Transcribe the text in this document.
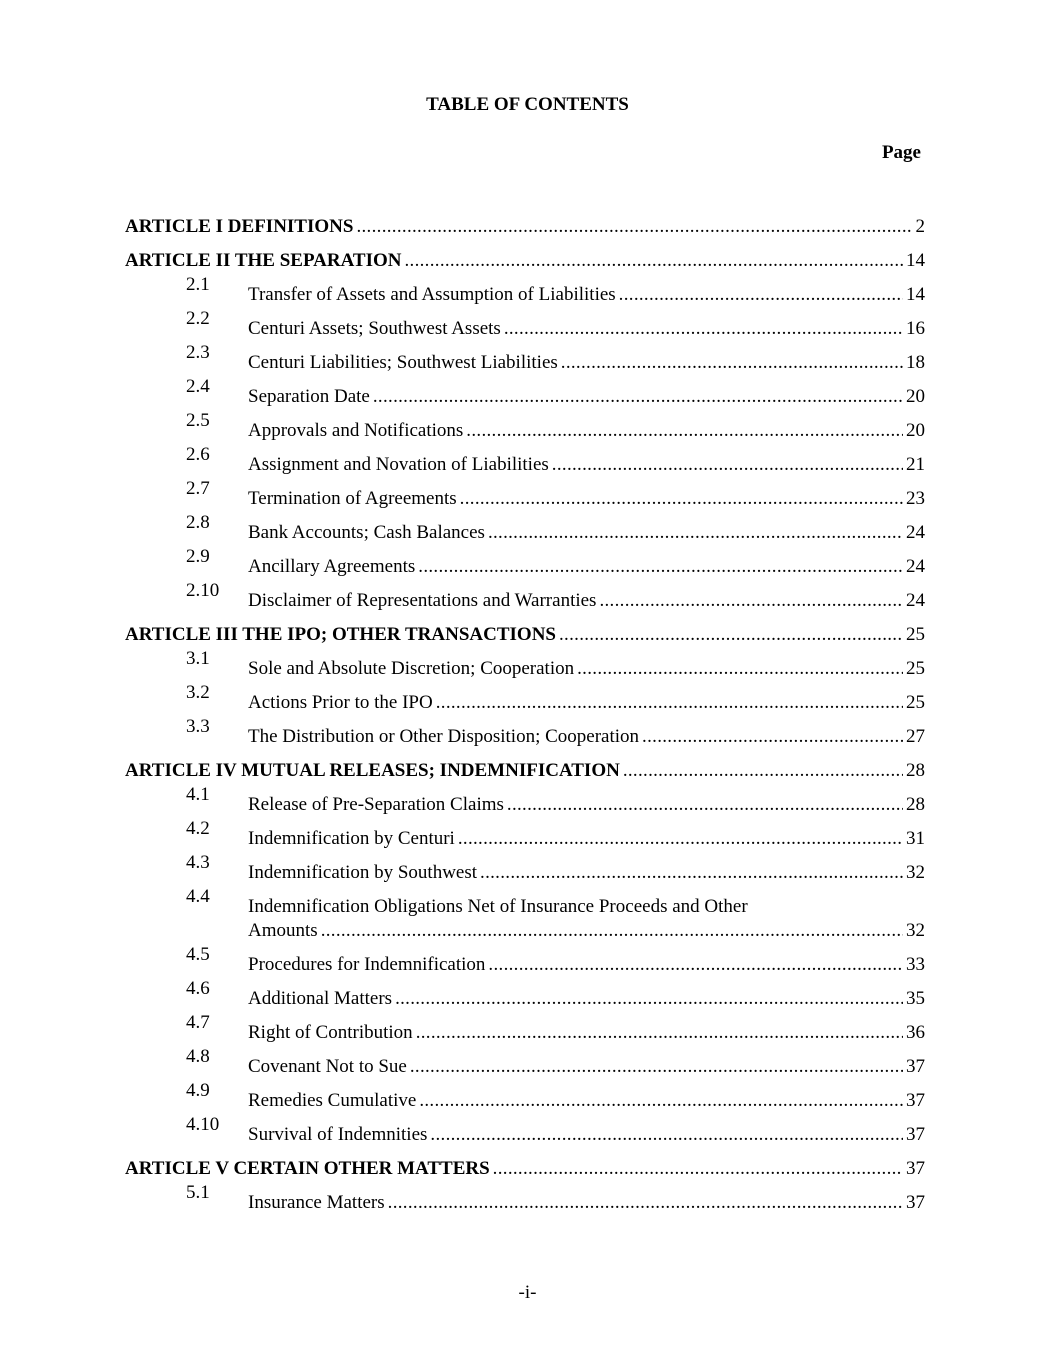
TABLE OF CONTENTS
Page
ARTICLE I DEFINITIONS .....	2
ARTICLE II THE SEPARATION .....	14
2.1	Transfer of Assets and Assumption of Liabilities .....	14
2.2	Centuri Assets; Southwest Assets .....	16
2.3	Centuri Liabilities; Southwest Liabilities .....	18
2.4	Separation Date .....	20
2.5	Approvals and Notifications .....	20
2.6	Assignment and Novation of Liabilities .....	21
2.7	Termination of Agreements .....	23
2.8	Bank Accounts; Cash Balances .....	24
2.9	Ancillary Agreements .....	24
2.10	Disclaimer of Representations and Warranties .....	24
ARTICLE III THE IPO; OTHER TRANSACTIONS .....	25
3.1	Sole and Absolute Discretion; Cooperation .....	25
3.2	Actions Prior to the IPO .....	25
3.3	The Distribution or Other Disposition; Cooperation .....	27
ARTICLE IV MUTUAL RELEASES; INDEMNIFICATION .....	28
4.1	Release of Pre-Separation Claims .....	28
4.2	Indemnification by Centuri .....	31
4.3	Indemnification by Southwest .....	32
4.4	Indemnification Obligations Net of Insurance Proceeds and Other
Amounts .....	32
4.5	Procedures for Indemnification .....	33
4.6	Additional Matters .....	35
4.7	Right of Contribution .....	36
4.8	Covenant Not to Sue .....	37
4.9	Remedies Cumulative .....	37
4.10	Survival of Indemnities .....	37
ARTICLE V CERTAIN OTHER MATTERS .....	37
5.1	Insurance Matters .....	37
-i-
